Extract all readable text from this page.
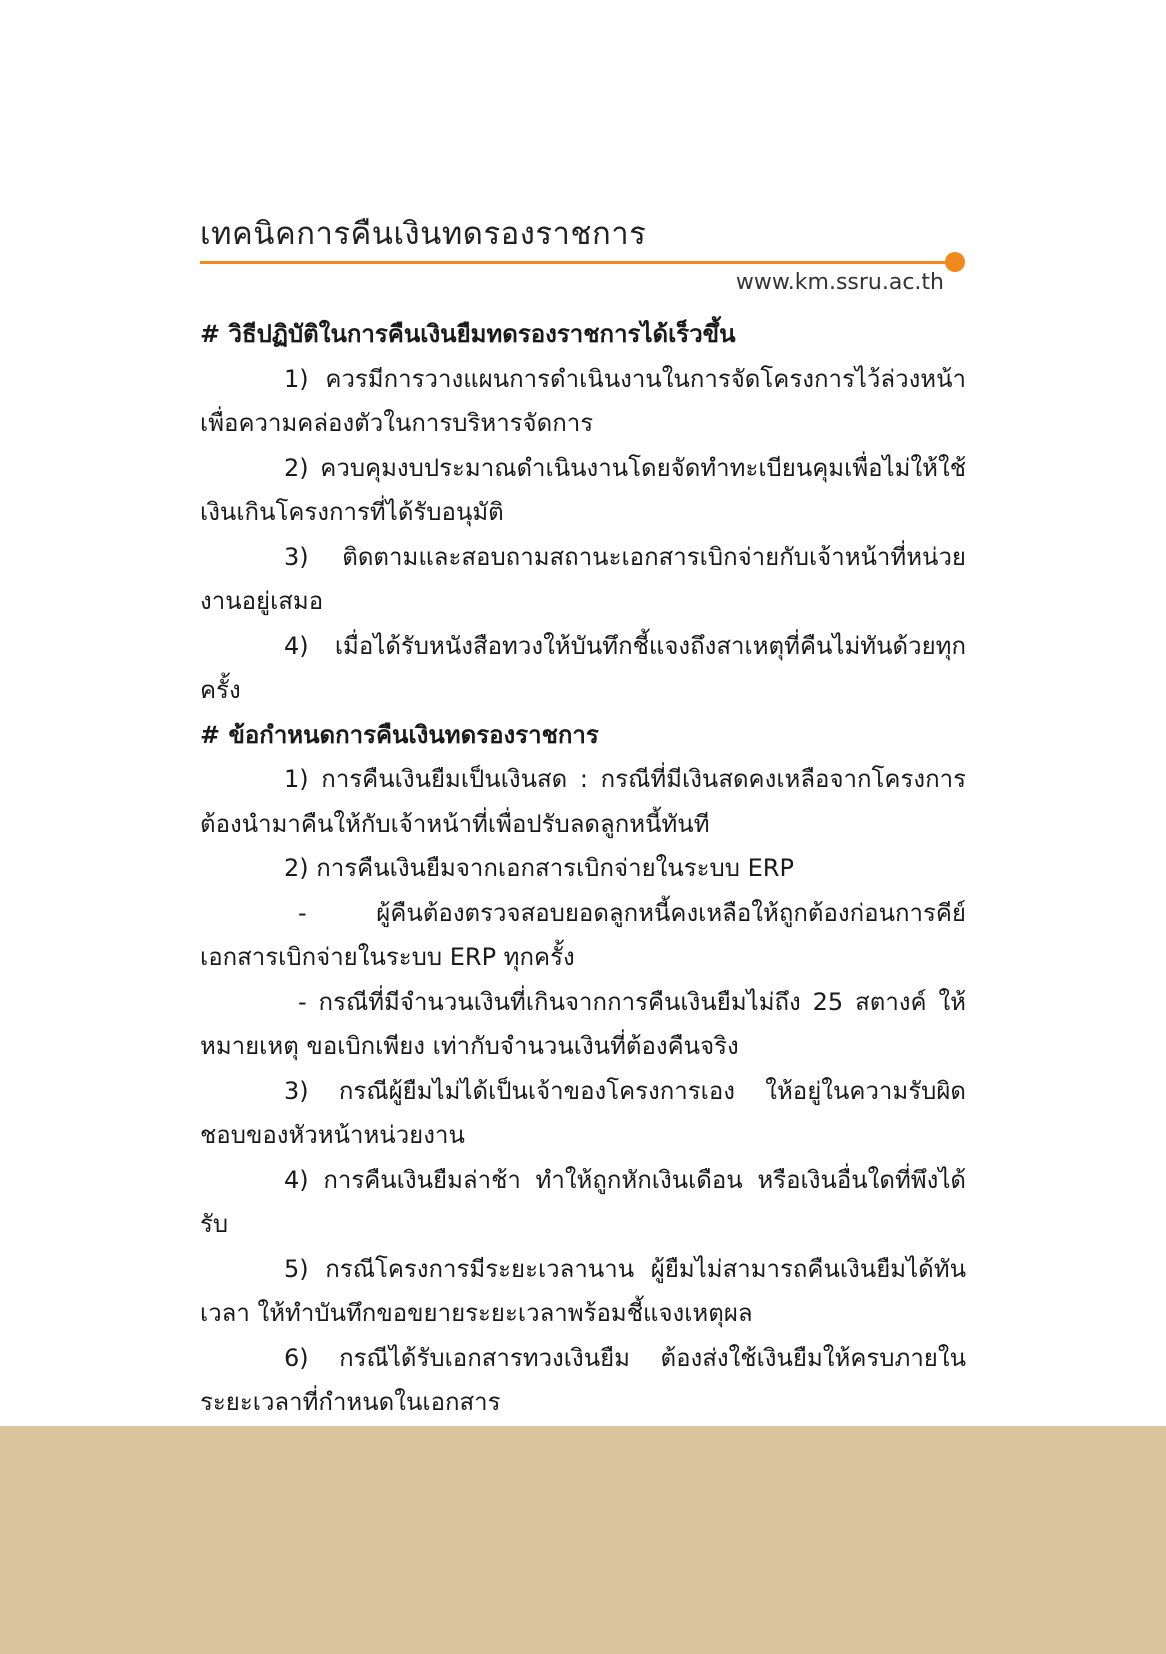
เทคนิคการคืนเงินทดรองราชการ
www.km.ssru.ac.th
# วิธีปฏิบัติในการคืนเงินยืมทดรองราชการได้เร็วขึ้น
1) ควรมีการวางแผนการดำเนินงานในการจัดโครงการไว้ล่วงหน้า เพื่อความคล่องตัวในการบริหารจัดการ
2) ควบคุมงบประมาณดำเนินงานโดยจัดทำทะเบียนคุมเพื่อไม่ให้ใช้เงินเกินโครงการที่ได้รับอนุมัติ
3) ติดตามและสอบถามสถานะเอกสารเบิกจ่ายกับเจ้าหน้าที่หน่วยงานอยู่เสมอ
4) เมื่อได้รับหนังสือทวงให้บันทึกชี้แจงถึงสาเหตุที่คืนไม่ทันด้วยทุกครั้ง
# ข้อกำหนดการคืนเงินทดรองราชการ
1) การคืนเงินยืมเป็นเงินสด : กรณีที่มีเงินสดคงเหลือจากโครงการ ต้องนำมาคืนให้กับเจ้าหน้าที่เพื่อปรับลดลูกหนี้ทันที
2) การคืนเงินยืมจากเอกสารเบิกจ่ายในระบบ ERP
- ผู้คืนต้องตรวจสอบยอดลูกหนี้คงเหลือให้ถูกต้องก่อนการคีย์เอกสารเบิกจ่ายในระบบ ERP ทุกครั้ง
- กรณีที่มีจำนวนเงินที่เกินจากการคืนเงินยืมไม่ถึง 25 สตางค์ ให้หมายเหตุ ขอเบิกเพียง เท่ากับจำนวนเงินที่ต้องคืนจริง
3) กรณีผู้ยืมไม่ได้เป็นเจ้าของโครงการเอง ให้อยู่ในความรับผิดชอบของหัวหน้าหน่วยงาน
4) การคืนเงินยืมล่าช้า ทำให้ถูกหักเงินเดือน หรือเงินอื่นใดที่พึงได้รับ
5) กรณีโครงการมีระยะเวลานาน ผู้ยืมไม่สามารถคืนเงินยืมได้ทันเวลา ให้ทำบันทึกขอขยายระยะเวลาพร้อมชี้แจงเหตุผล
6) กรณีได้รับเอกสารทวงเงินยืม ต้องส่งใช้เงินยืมให้ครบภายในระยะเวลาที่กำหนดในเอกสาร
